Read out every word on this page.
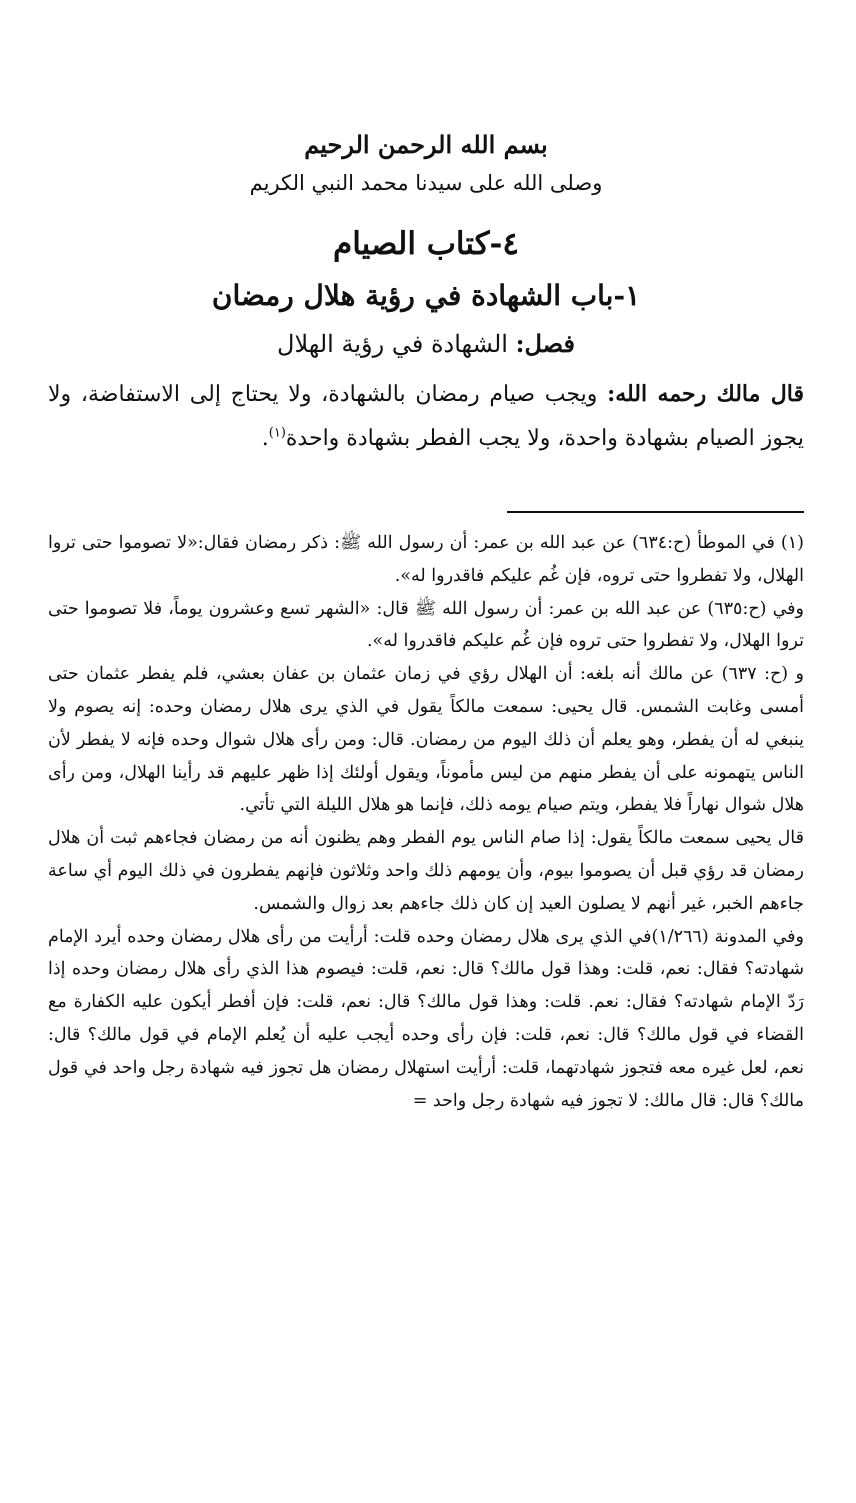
بسم الله الرحمن الرحيم
وصلى الله على سيدنا محمد النبي الكريم
٤-كتاب الصيام
١-باب الشهادة في رؤية هلال رمضان
فصل: الشهادة في رؤية الهلال
قال مالك رحمه الله: ويجب صيام رمضان بالشهادة، ولا يحتاج إلى الاستفاضة، ولا يجوز الصيام بشهادة واحدة، ولا يجب الفطر بشهادة واحدة$^{(١)}$.

(١) في الموطأ (ح:٦٣٤) عن عبد الله بن عمر: أن رسول الله ﷺ: ذكر رمضان فقال:«لا تصوموا حتى تروا الهلال، ولا تفطروا حتى تروه، فإن غُم عليكم فاقدروا له».

وفي (ح:٦٣٥) عن عبد الله بن عمر: أن رسول الله ﷺ قال: «الشهر تسع وعشرون يوماً، فلا تصوموا حتى تروا الهلال، ولا تفطروا حتى تروه فإن غُم عليكم فاقدروا له».

و (ح: ٦٣٧) عن مالك أنه بلغه: أن الهلال رؤي في زمان عثمان بن عفان بعشي، فلم يفطر عثمان حتى أمسى وغابت الشمس. قال يحيى: سمعت مالكاً يقول في الذي يرى هلال رمضان وحده: إنه يصوم ولا ينبغي له أن يفطر، وهو يعلم أن ذلك اليوم من رمضان. قال: ومن رأى هلال شوال وحده فإنه لا يفطر لأن الناس يتهمونه على أن يفطر منهم من ليس مأموناً، ويقول أولئك إذا ظهر عليهم قد رأينا الهلال، ومن رأى هلال شوال نهاراً فلا يفطر، ويتم صيام يومه ذلك، فإنما هو هلال الليلة التي تأتي.

قال يحيى سمعت مالكاً يقول: إذا صام الناس يوم الفطر وهم يظنون أنه من رمضان فجاءهم ثبت أن هلال رمضان قد رؤي قبل أن يصوموا بيوم، وأن يومهم ذلك واحد وثلاثون فإنهم يفطرون في ذلك اليوم أي ساعة جاءهم الخبر، غير أنهم لا يصلون العيد إن كان ذلك جاءهم بعد زوال والشمس.

وفي المدونة (١/٢٦٦)في الذي يرى هلال رمضان وحده قلت: أرأيت من رأى هلال رمضان وحده أيرد الإمام شهادته؟ فقال: نعم، قلت: وهذا قول مالك؟ قال: نعم، قلت: فيصوم هذا الذي رأى هلال رمضان وحده إذا رَدّ الإمام شهادته؟ فقال: نعم. قلت: وهذا قول مالك؟ قال: نعم، قلت: فإن أفطر أيكون عليه الكفارة مع القضاء في قول مالك؟ قال: نعم، قلت: فإن رأى وحده أيجب عليه أن يُعلم الإمام في قول مالك؟ قال: نعم، لعل غيره معه فتجوز شهادتهما، قلت: أرأيت استهلال رمضان هل تجوز فيه شهادة رجل واحد في قول مالك؟ قال: قال مالك: لا تجوز فيه شهادة رجل واحد =
